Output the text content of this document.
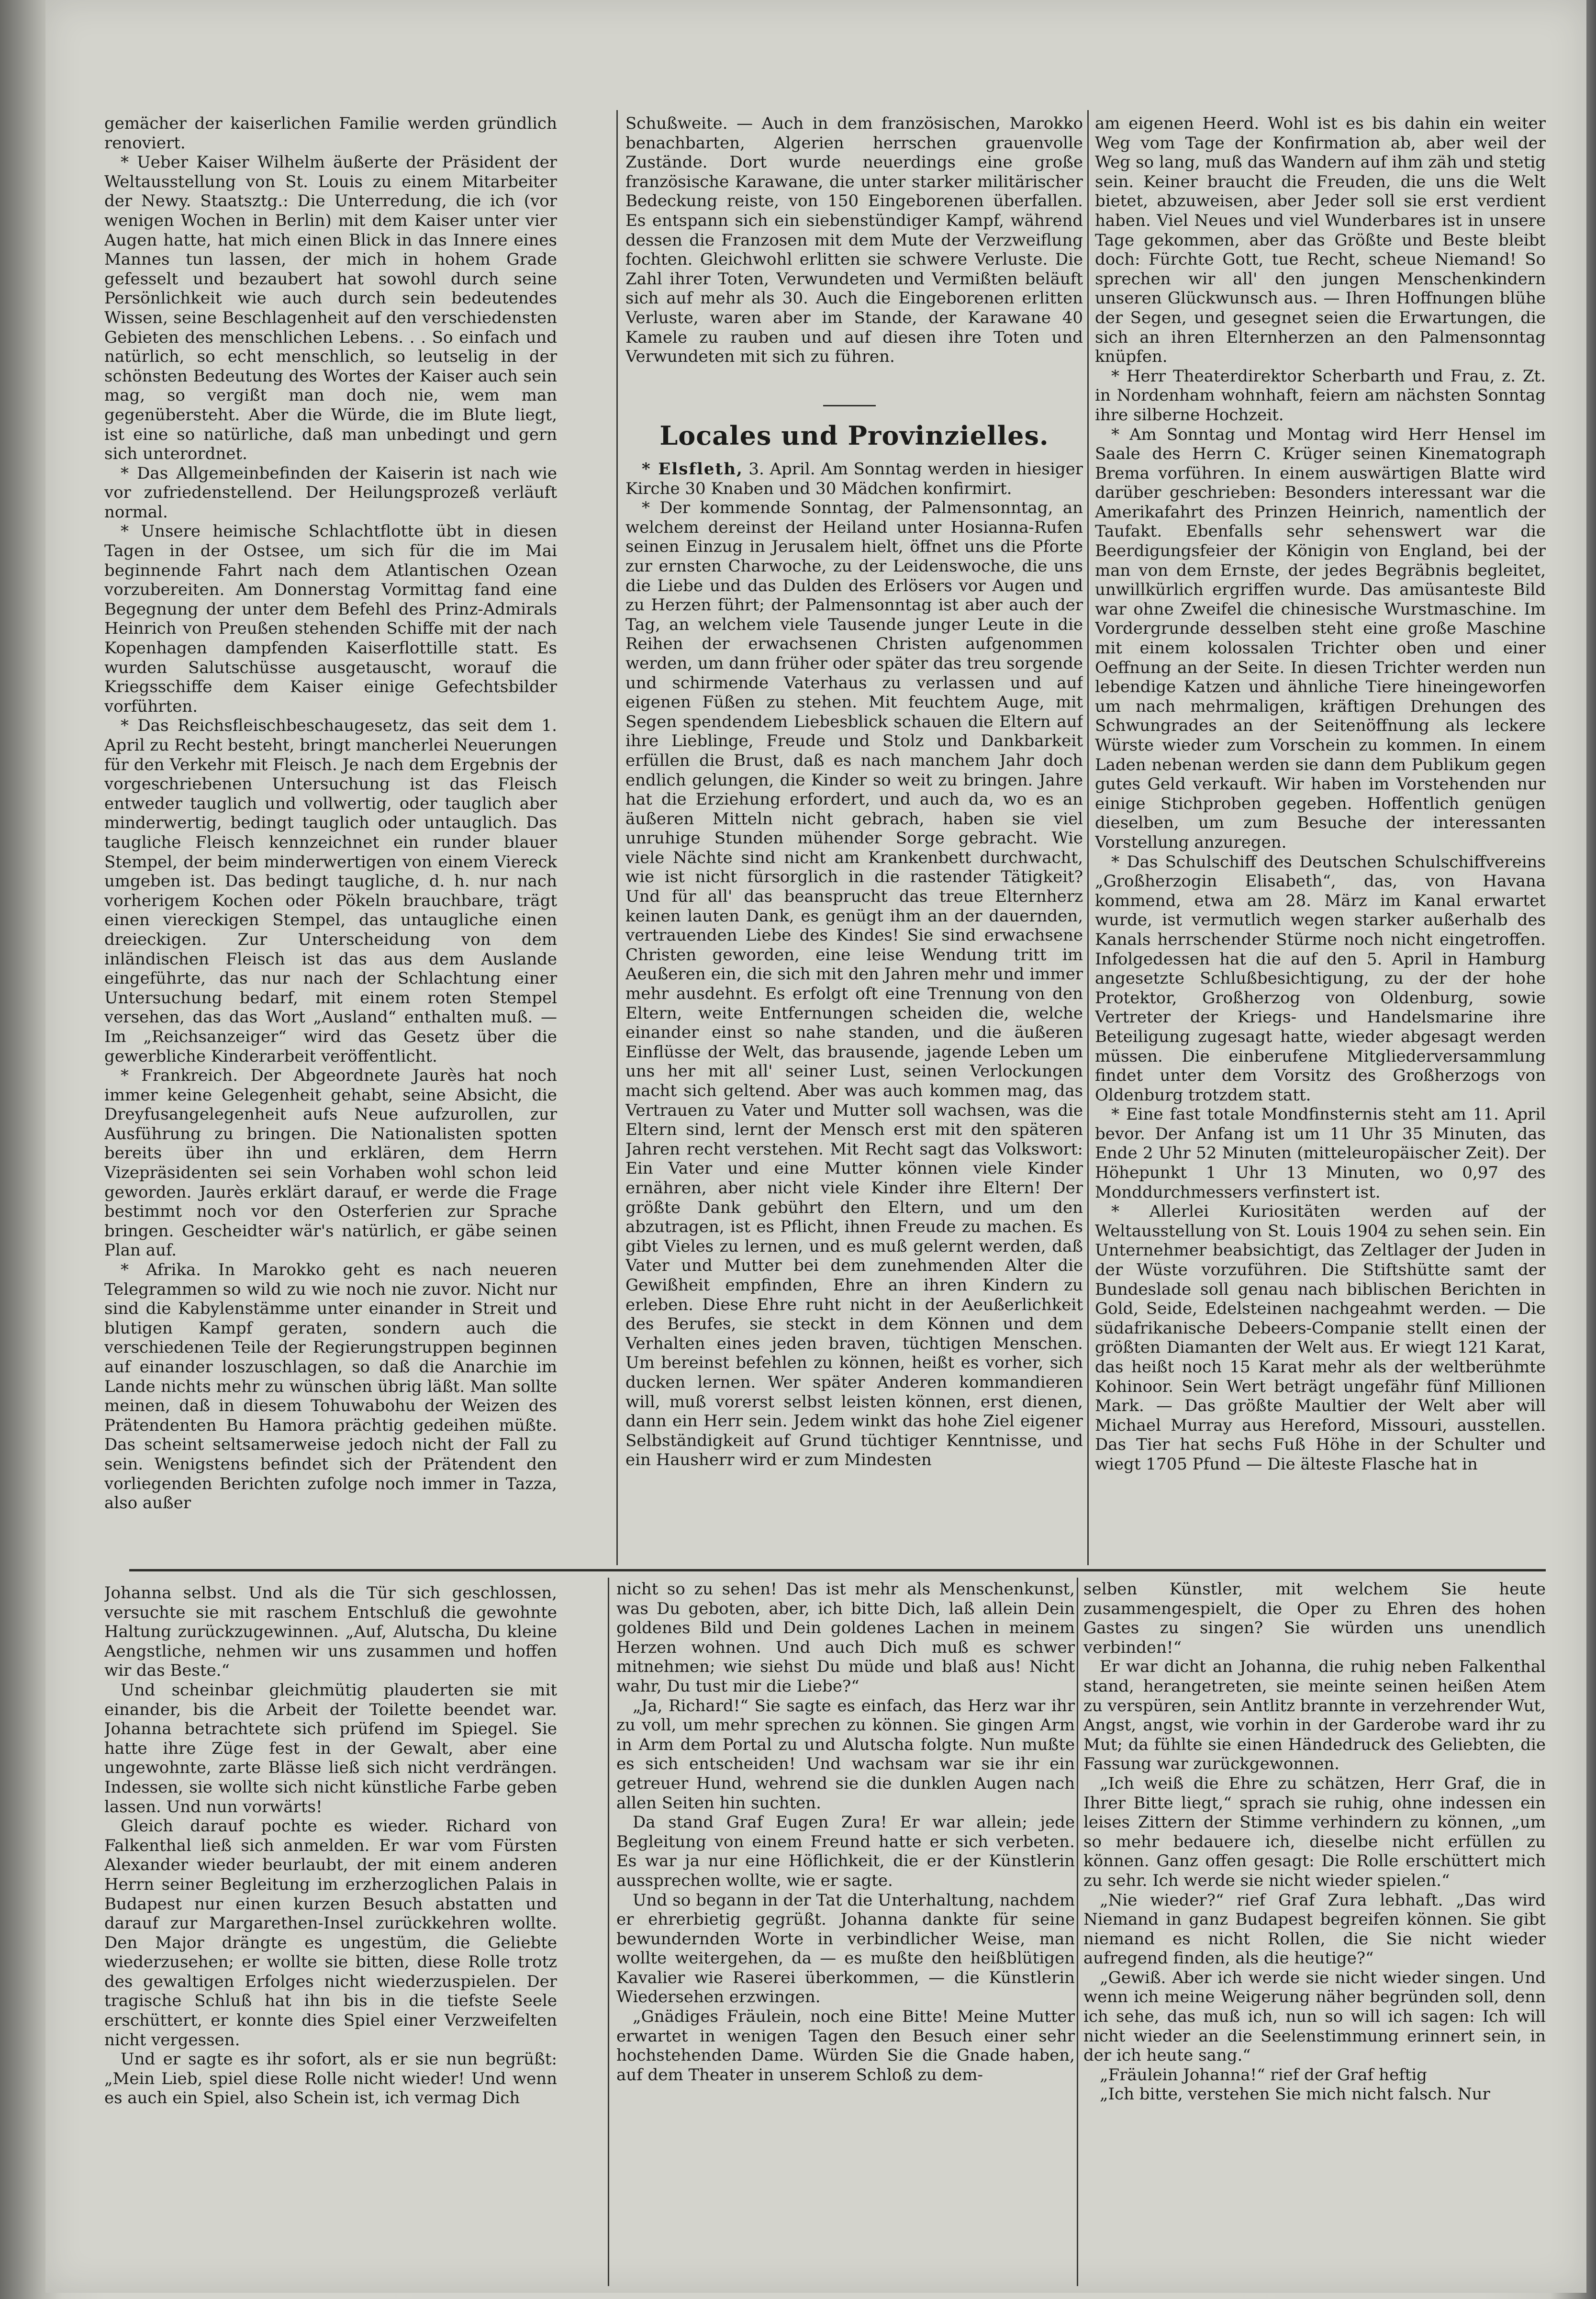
gemächer der kaiserlichen Familie werden gründlich renoviert.

* Ueber Kaiser Wilhelm äußerte der Präsident der Weltausstellung von St. Louis zu einem Mitarbeiter der Newy. Staatsztg.: Die Unterredung, die ich (vor wenigen Wochen in Berlin) mit dem Kaiser unter vier Augen hatte, hat mich einen Blick in das Innere eines Mannes tun lassen, der mich in hohem Grade gefesselt und bezaubert hat sowohl durch seine Persönlichkeit wie auch durch sein bedeutendes Wissen, seine Beschlagenheit auf den verschiedensten Gebieten des menschlichen Lebens. . . So einfach und natürlich, so echt menschlich, so leutselig in der schönsten Bedeutung des Wortes der Kaiser auch sein mag, so vergißt man doch nie, wem man gegenübersteht. Aber die Würde, die im Blute liegt, ist eine so natürliche, daß man unbedingt und gern sich unterordnet.

* Das Allgemeinbefinden der Kaiserin ist nach wie vor zufriedenstellend. Der Heilungsprozeß verläuft normal.

* Unsere heimische Schlachtflotte übt in diesen Tagen in der Ostsee, um sich für die im Mai beginnende Fahrt nach dem Atlantischen Ozean vorzubereiten. Am Donnerstag Vormittag fand eine Begegnung der unter dem Befehl des Prinz-Admirals Heinrich von Preußen stehenden Schiffe mit der nach Kopenhagen dampfenden Kaiserflottille statt. Es wurden Salutschüsse ausgetauscht, worauf die Kriegsschiffe dem Kaiser einige Gefechtsbilder vorführten.

* Das Reichsfleischbeschaugesetz, das seit dem 1. April zu Recht besteht, bringt mancherlei Neuerungen für den Verkehr mit Fleisch. Je nach dem Ergebnis der vorgeschriebenen Untersuchung ist das Fleisch entweder tauglich und vollwertig, oder tauglich aber minderwertig, bedingt tauglich oder untauglich. Das taugliche Fleisch kennzeichnet ein runder blauer Stempel, der beim minderwertigen von einem Viereck umgeben ist. Das bedingt taugliche, d. h. nur nach vorherigem Kochen oder Pökeln brauchbare, trägt einen viereckigen Stempel, das untaugliche einen dreieckigen. Zur Unterscheidung von dem inländischen Fleisch ist das aus dem Auslande eingeführte, das nur nach der Schlachtung einer Untersuchung bedarf, mit einem roten Stempel versehen, das das Wort „Ausland“ enthalten muß. — Im „Reichsanzeiger“ wird das Gesetz über die gewerbliche Kinderarbeit veröffentlicht.

* Frankreich. Der Abgeordnete Jaurès hat noch immer keine Gelegenheit gehabt, seine Absicht, die Dreyfusangelegenheit aufs Neue aufzurollen, zur Ausführung zu bringen. Die Nationalisten spotten bereits über ihn und erklären, dem Herrn Vizepräsidenten sei sein Vorhaben wohl schon leid geworden. Jaurès erklärt darauf, er werde die Frage bestimmt noch vor den Osterferien zur Sprache bringen. Gescheidter wär's natürlich, er gäbe seinen Plan auf.

* Afrika. In Marokko geht es nach neueren Telegrammen so wild zu wie noch nie zuvor. Nicht nur sind die Kabylenstämme unter einander in Streit und blutigen Kampf geraten, sondern auch die verschiedenen Teile der Regierungstruppen beginnen auf einander loszuschlagen, so daß die Anarchie im Lande nichts mehr zu wünschen übrig läßt. Man sollte meinen, daß in diesem Tohuwabohu der Weizen des Prätendenten Bu Hamora prächtig gedeihen müßte. Das scheint seltsamerweise jedoch nicht der Fall zu sein. Wenigstens befindet sich der Prätendent den vorliegenden Berichten zufolge noch immer in Tazza, also außer

Schußweite. — Auch in dem französischen, Marokko benachbarten, Algerien herrschen grauenvolle Zustände. Dort wurde neuerdings eine große französische Karawane, die unter starker militärischer Bedeckung reiste, von 150 Eingeborenen überfallen. Es entspann sich ein siebenstündiger Kampf, während dessen die Franzosen mit dem Mute der Verzweiflung fochten. Gleichwohl erlitten sie schwere Verluste. Die Zahl ihrer Toten, Verwundeten und Vermißten beläuft sich auf mehr als 30. Auch die Eingeborenen erlitten Verluste, waren aber im Stande, der Karawane 40 Kamele zu rauben und auf diesen ihre Toten und Verwundeten mit sich zu führen.

Locales und Provinzielles.

* Elsfleth, 3. April. Am Sonntag werden in hiesiger Kirche 30 Knaben und 30 Mädchen konfirmirt.

* Der kommende Sonntag, der Palmensonntag, an welchem dereinst der Heiland unter Hosianna-Rufen seinen Einzug in Jerusalem hielt, öffnet uns die Pforte zur ernsten Charwoche, zu der Leidenswoche, die uns die Liebe und das Dulden des Erlösers vor Augen und zu Herzen führt; der Palmensonntag ist aber auch der Tag, an welchem viele Tausende junger Leute in die Reihen der erwachsenen Christen aufgenommen werden, um dann früher oder später das treu sorgende und schirmende Vaterhaus zu verlassen und auf eigenen Füßen zu stehen. Mit feuchtem Auge, mit Segen spendendem Liebesblick schauen die Eltern auf ihre Lieblinge, Freude und Stolz und Dankbarkeit erfüllen die Brust, daß es nach manchem Jahr doch endlich gelungen, die Kinder so weit zu bringen. Jahre hat die Erziehung erfordert, und auch da, wo es an äußeren Mitteln nicht gebrach, haben sie viel unruhige Stunden mühender Sorge gebracht. Wie viele Nächte sind nicht am Krankenbett durchwacht, wie ist nicht fürsorglich in die rastender Tätigkeit? Und für all' das beansprucht das treue Elternherz keinen lauten Dank, es genügt ihm an der dauernden, vertrauenden Liebe des Kindes! Sie sind erwachsene Christen geworden, eine leise Wendung tritt im Aeußeren ein, die sich mit den Jahren mehr und immer mehr ausdehnt. Es erfolgt oft eine Trennung von den Eltern, weite Entfernungen scheiden die, welche einander einst so nahe standen, und die äußeren Einflüsse der Welt, das brausende, jagende Leben um uns her mit all' seiner Lust, seinen Verlockungen macht sich geltend. Aber was auch kommen mag, das Vertrauen zu Vater und Mutter soll wachsen, was die Eltern sind, lernt der Mensch erst mit den späteren Jahren recht verstehen. Mit Recht sagt das Volkswort: Ein Vater und eine Mutter können viele Kinder ernähren, aber nicht viele Kinder ihre Eltern! Der größte Dank gebührt den Eltern, und um den abzutragen, ist es Pflicht, ihnen Freude zu machen. Es gibt Vieles zu lernen, und es muß gelernt werden, daß Vater und Mutter bei dem zunehmenden Alter die Gewißheit empfinden, Ehre an ihren Kindern zu erleben. Diese Ehre ruht nicht in der Aeußerlichkeit des Berufes, sie steckt in dem Können und dem Verhalten eines jeden braven, tüchtigen Menschen. Um bereinst befehlen zu können, heißt es vorher, sich ducken lernen. Wer später Anderen kommandieren will, muß vorerst selbst leisten können, erst dienen, dann ein Herr sein. Jedem winkt das hohe Ziel eigener Selbständigkeit auf Grund tüchtiger Kenntnisse, und ein Hausherr wird er zum Mindesten

am eigenen Heerd. Wohl ist es bis dahin ein weiter Weg vom Tage der Konfirmation ab, aber weil der Weg so lang, muß das Wandern auf ihm zäh und stetig sein. Keiner braucht die Freuden, die uns die Welt bietet, abzuweisen, aber Jeder soll sie erst verdient haben. Viel Neues und viel Wunderbares ist in unsere Tage gekommen, aber das Größte und Beste bleibt doch: Fürchte Gott, tue Recht, scheue Niemand! So sprechen wir all' den jungen Menschenkindern unseren Glückwunsch aus. — Ihren Hoffnungen blühe der Segen, und gesegnet seien die Erwartungen, die sich an ihren Elternherzen an den Palmensonntag knüpfen.

* Herr Theaterdirektor Scherbarth und Frau, z. Zt. in Nordenham wohnhaft, feiern am nächsten Sonntag ihre silberne Hochzeit.

* Am Sonntag und Montag wird Herr Hensel im Saale des Herrn C. Krüger seinen Kinematograph Brema vorführen. In einem auswärtigen Blatte wird darüber geschrieben: Besonders interessant war die Amerikafahrt des Prinzen Heinrich, namentlich der Taufakt. Ebenfalls sehr sehenswert war die Beerdigungsfeier der Königin von England, bei der man von dem Ernste, der jedes Begräbnis begleitet, unwillkürlich ergriffen wurde. Das amüsanteste Bild war ohne Zweifel die chinesische Wurstmaschine. Im Vordergrunde desselben steht eine große Maschine mit einem kolossalen Trichter oben und einer Oeffnung an der Seite. In diesen Trichter werden nun lebendige Katzen und ähnliche Tiere hineingeworfen um nach mehrmaligen, kräftigen Drehungen des Schwungrades an der Seitenöffnung als leckere Würste wieder zum Vorschein zu kommen. In einem Laden nebenan werden sie dann dem Publikum gegen gutes Geld verkauft. Wir haben im Vorstehenden nur einige Stichproben gegeben. Hoffentlich genügen dieselben, um zum Besuche der interessanten Vorstellung anzuregen.

* Das Schulschiff des Deutschen Schulschiffvereins „Großherzogin Elisabeth“, das, von Havana kommend, etwa am 28. März im Kanal erwartet wurde, ist vermutlich wegen starker außerhalb des Kanals herrschender Stürme noch nicht eingetroffen. Infolgedessen hat die auf den 5. April in Hamburg angesetzte Schlußbesichtigung, zu der der hohe Protektor, Großherzog von Oldenburg, sowie Vertreter der Kriegs- und Handelsmarine ihre Beteiligung zugesagt hatte, wieder abgesagt werden müssen. Die einberufene Mitgliederversammlung findet unter dem Vorsitz des Großherzogs von Oldenburg trotzdem statt.

* Eine fast totale Mondfinsternis steht am 11. April bevor. Der Anfang ist um 11 Uhr 35 Minuten, das Ende 2 Uhr 52 Minuten (mitteleuropäischer Zeit). Der Höhepunkt 1 Uhr 13 Minuten, wo 0,97 des Monddurchmessers verfinstert ist.

* Allerlei Kuriositäten werden auf der Weltausstellung von St. Louis 1904 zu sehen sein. Ein Unternehmer beabsichtigt, das Zeltlager der Juden in der Wüste vorzuführen. Die Stiftshütte samt der Bundeslade soll genau nach biblischen Berichten in Gold, Seide, Edelsteinen nachgeahmt werden. — Die südafrikanische Debeers-Companie stellt einen der größten Diamanten der Welt aus. Er wiegt 121 Karat, das heißt noch 15 Karat mehr als der weltberühmte Kohinoor. Sein Wert beträgt ungefähr fünf Millionen Mark. — Das größte Maultier der Welt aber will Michael Murray aus Hereford, Missouri, ausstellen. Das Tier hat sechs Fuß Höhe in der Schulter und wiegt 1705 Pfund — Die älteste Flasche hat in

Johanna selbst. Und als die Tür sich geschlossen, versuchte sie mit raschem Entschluß die gewohnte Haltung zurückzugewinnen. „Auf, Alutscha, Du kleine Aengstliche, nehmen wir uns zusammen und hoffen wir das Beste.“

Und scheinbar gleichmütig plauderten sie mit einander, bis die Arbeit der Toilette beendet war. Johanna betrachtete sich prüfend im Spiegel. Sie hatte ihre Züge fest in der Gewalt, aber eine ungewohnte, zarte Blässe ließ sich nicht verdrängen. Indessen, sie wollte sich nicht künstliche Farbe geben lassen. Und nun vorwärts!

Gleich darauf pochte es wieder. Richard von Falkenthal ließ sich anmelden. Er war vom Fürsten Alexander wieder beurlaubt, der mit einem anderen Herrn seiner Begleitung im erzherzoglichen Palais in Budapest nur einen kurzen Besuch abstatten und darauf zur Margarethen-Insel zurückkehren wollte. Den Major drängte es ungestüm, die Geliebte wiederzusehen; er wollte sie bitten, diese Rolle trotz des gewaltigen Erfolges nicht wiederzuspielen. Der tragische Schluß hat ihn bis in die tiefste Seele erschüttert, er konnte dies Spiel einer Verzweifelten nicht vergessen.

Und er sagte es ihr sofort, als er sie nun begrüßt: „Mein Lieb, spiel diese Rolle nicht wieder! Und wenn es auch ein Spiel, also Schein ist, ich vermag Dich

nicht so zu sehen! Das ist mehr als Menschenkunst, was Du geboten, aber, ich bitte Dich, laß allein Dein goldenes Bild und Dein goldenes Lachen in meinem Herzen wohnen. Und auch Dich muß es schwer mitnehmen; wie siehst Du müde und blaß aus! Nicht wahr, Du tust mir die Liebe?“

„Ja, Richard!“ Sie sagte es einfach, das Herz war ihr zu voll, um mehr sprechen zu können. Sie gingen Arm in Arm dem Portal zu und Alutscha folgte. Nun mußte es sich entscheiden! Und wachsam war sie ihr ein getreuer Hund, wehrend sie die dunklen Augen nach allen Seiten hin suchten.

Da stand Graf Eugen Zura! Er war allein; jede Begleitung von einem Freund hatte er sich verbeten. Es war ja nur eine Höflichkeit, die er der Künstlerin aussprechen wollte, wie er sagte.

Und so begann in der Tat die Unterhaltung, nachdem er ehrerbietig gegrüßt. Johanna dankte für seine bewundernden Worte in verbindlicher Weise, man wollte weitergehen, da — es mußte den heißblütigen Kavalier wie Raserei überkommen, — die Künstlerin Wiedersehen erzwingen.

„Gnädiges Fräulein, noch eine Bitte! Meine Mutter erwartet in wenigen Tagen den Besuch einer sehr hochstehenden Dame. Würden Sie die Gnade haben, auf dem Theater in unserem Schloß zu dem-

selben Künstler, mit welchem Sie heute zusammengespielt, die Oper zu Ehren des hohen Gastes zu singen? Sie würden uns unendlich verbinden!“

Er war dicht an Johanna, die ruhig neben Falkenthal stand, herangetreten, sie meinte seinen heißen Atem zu verspüren, sein Antlitz brannte in verzehrender Wut, Angst, angst, wie vorhin in der Garderobe ward ihr zu Mut; da fühlte sie einen Händedruck des Geliebten, die Fassung war zurückgewonnen.

„Ich weiß die Ehre zu schätzen, Herr Graf, die in Ihrer Bitte liegt,“ sprach sie ruhig, ohne indessen ein leises Zittern der Stimme verhindern zu können, „um so mehr bedauere ich, dieselbe nicht erfüllen zu können. Ganz offen gesagt: Die Rolle erschüttert mich zu sehr. Ich werde sie nicht wieder spielen.“

„Nie wieder?“ rief Graf Zura lebhaft. „Das wird Niemand in ganz Budapest begreifen können. Sie gibt niemand es nicht Rollen, die Sie nicht wieder aufregend finden, als die heutige?“

„Gewiß. Aber ich werde sie nicht wieder singen. Und wenn ich meine Weigerung näher begründen soll, denn ich sehe, das muß ich, nun so will ich sagen: Ich will nicht wieder an die Seelenstimmung erinnert sein, in der ich heute sang.“

„Fräulein Johanna!“ rief der Graf heftig

„Ich bitte, verstehen Sie mich nicht falsch. Nur
